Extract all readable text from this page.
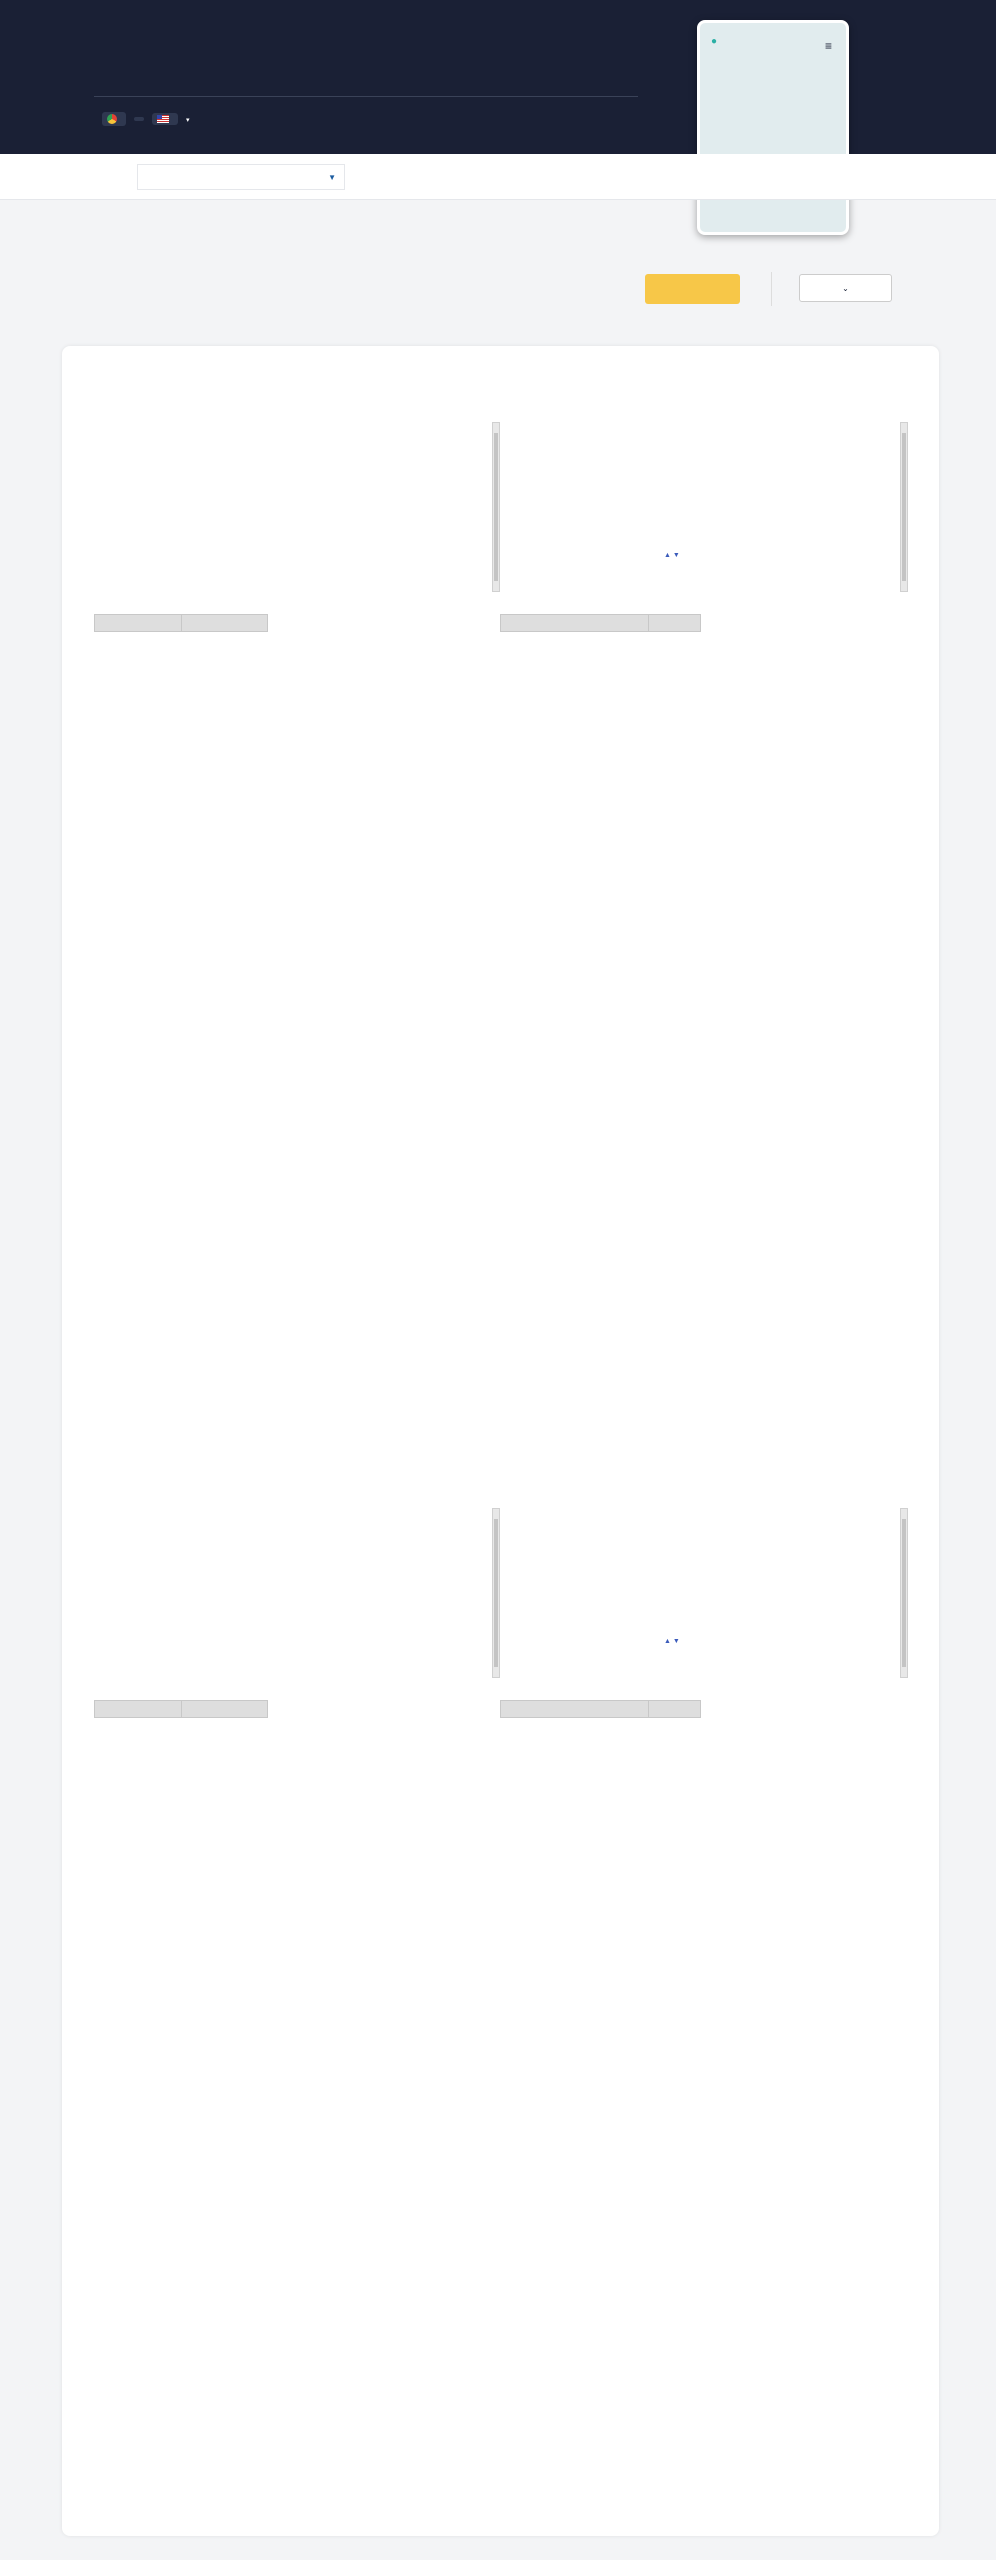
▾
●	≡
▼
⌄
▲ ▼

▲ ▼
